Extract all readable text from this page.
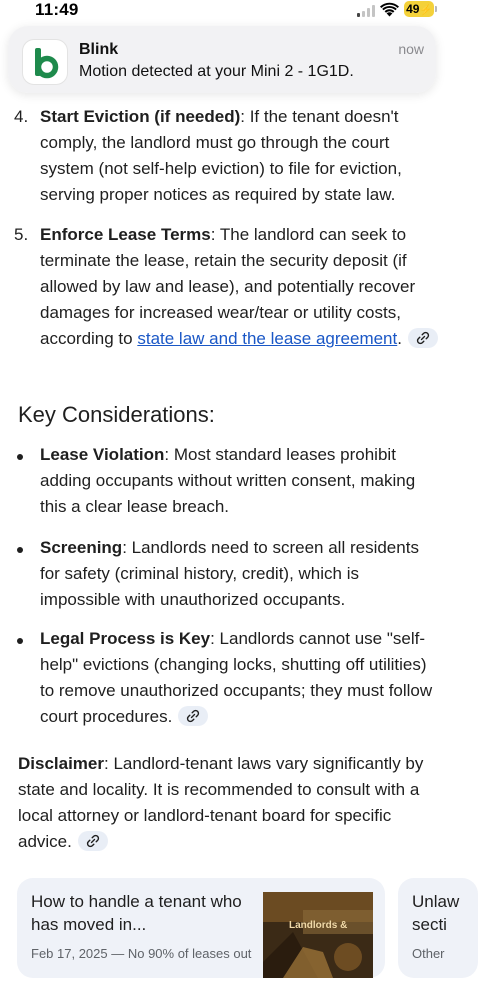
11:49	49⚡
Blink
Motion detected at your Mini 2 - 1G1D.
now
4. Start Eviction (if needed): If the tenant doesn't comply, the landlord must go through the court system (not self-help eviction) to file for eviction, serving proper notices as required by state law.
5. Enforce Lease Terms: The landlord can seek to terminate the lease, retain the security deposit (if allowed by law and lease), and potentially recover damages for increased wear/tear or utility costs, according to state law and the lease agreement.
Key Considerations:
Lease Violation: Most standard leases prohibit adding occupants without written consent, making this a clear lease breach.
Screening: Landlords need to screen all residents for safety (criminal history, credit), which is impossible with unauthorized occupants.
Legal Process is Key: Landlords cannot use "self-help" evictions (changing locks, shutting off utilities) to remove unauthorized occupants; they must follow court procedures.
Disclaimer: Landlord-tenant laws vary significantly by state and locality. It is recommended to consult with a local attorney or landlord-tenant board for specific advice.
How to handle a tenant who has moved in...
Feb 17, 2025 — No 90% of leases out
Landlords &
Unlaw secti
Other
